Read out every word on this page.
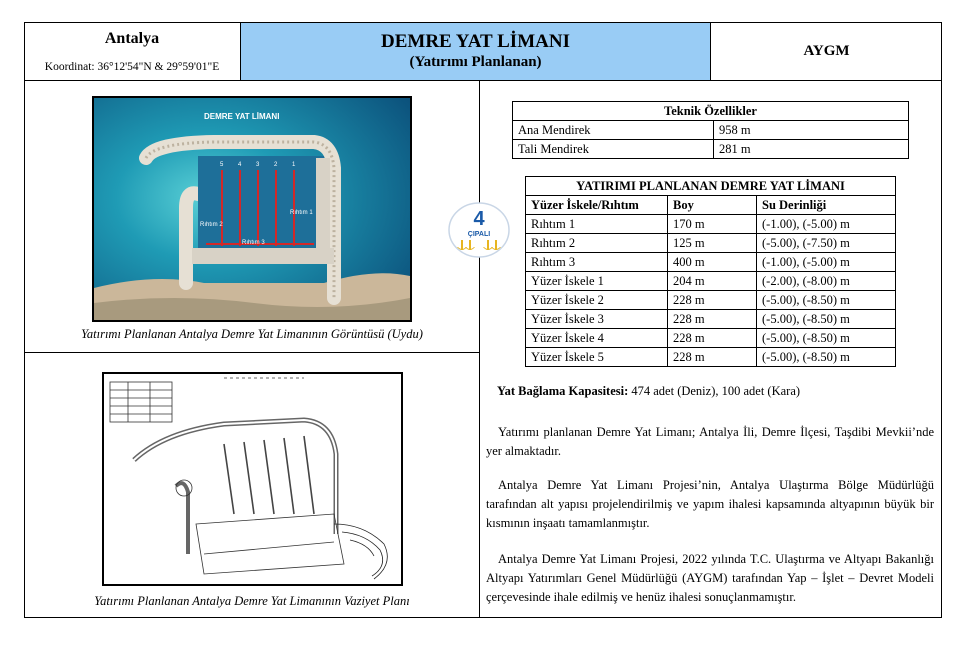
Antalya
Koordinat: 36°12'54"N & 29°59'01"E
DEMRE YAT LİMANI
(Yatırımı Planlanan)
AYGM
DEMRE YAT LİMANI
5 4 3 2 1
Rıhtım 1
Rıhtım 2
Rıhtım 3
Yatırımı Planlanan Antalya Demre Yat Limanının Görüntüsü (Uydu)
Yatırımı Planlanan Antalya Demre Yat Limanının Vaziyet Planı
4
ÇIPALI
Teknik Özellikler	
Ana Mendirek	958 m
Tali Mendirek	281 m
YATIRIMI PLANLANAN DEMRE YAT LİMANI		
Yüzer İskele/Rıhtım	Boy	Su Derinliği
Rıhtım 1	170 m	(-1.00), (-5.00) m
Rıhtım 2	125 m	(-5.00), (-7.50) m
Rıhtım 3	400 m	(-1.00), (-5.00) m
Yüzer İskele 1	204 m	(-2.00), (-8.00) m
Yüzer İskele 2	228 m	(-5.00), (-8.50) m
Yüzer İskele 3	228 m	(-5.00), (-8.50) m
Yüzer İskele 4	228 m	(-5.00), (-8.50) m
Yüzer İskele 5	228 m	(-5.00), (-8.50) m
Yat Bağlama Kapasitesi: 474 adet (Deniz), 100 adet (Kara)
Yatırımı planlanan Demre Yat Limanı; Antalya İli, Demre İlçesi, Taşdibi Mevkii’nde yer almaktadır.
Antalya Demre Yat Limanı Projesi’nin, Antalya Ulaştırma Bölge Müdürlüğü tarafından alt yapısı projelendirilmiş ve yapım ihalesi kapsamında altyapının büyük bir kısmının inşaatı tamamlanmıştır.
Antalya Demre Yat Limanı Projesi, 2022 yılında T.C. Ulaştırma ve Altyapı Bakanlığı Altyapı Yatırımları Genel Müdürlüğü (AYGM) tarafından Yap – İşlet – Devret Modeli çerçevesinde ihale edilmiş ve henüz ihalesi sonuçlanmamıştır.
